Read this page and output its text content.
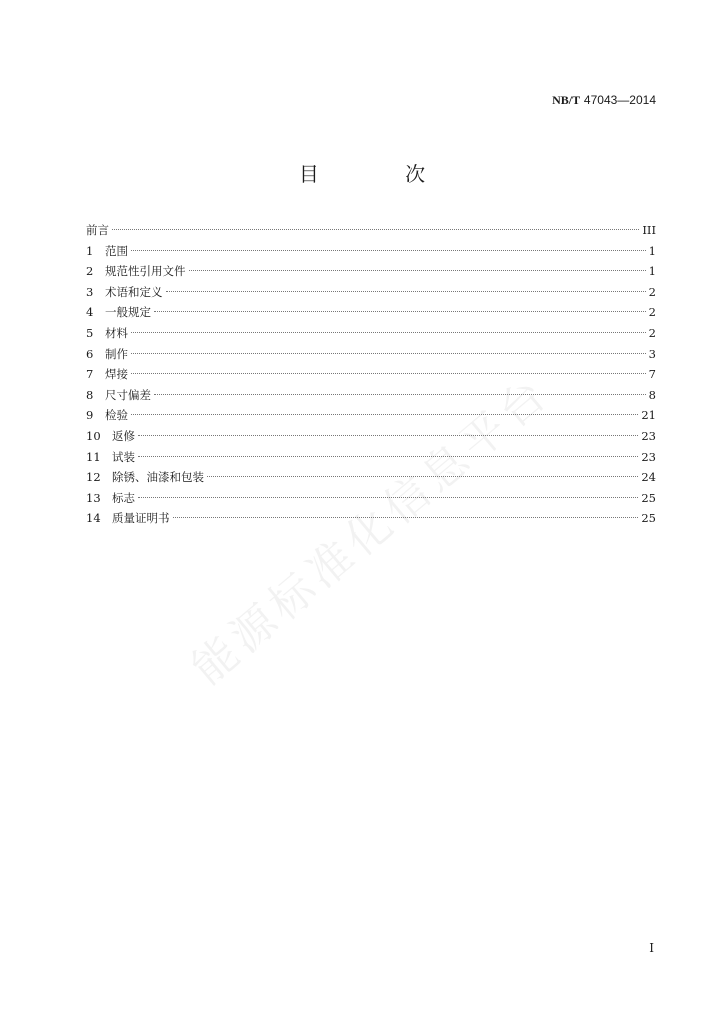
NB/T 47043—2014
目 次
能源标准化信息平台
前言	III
1	范围	1
2	规范性引用文件	1
3	术语和定义	2
4	一般规定	2
5	材料	2
6	制作	3
7	焊接	7
8	尺寸偏差	8
9	检验	21
10 返修	23
11 试装	23
12 除锈、油漆和包装	24
13 标志	25
14 质量证明书	25
I
